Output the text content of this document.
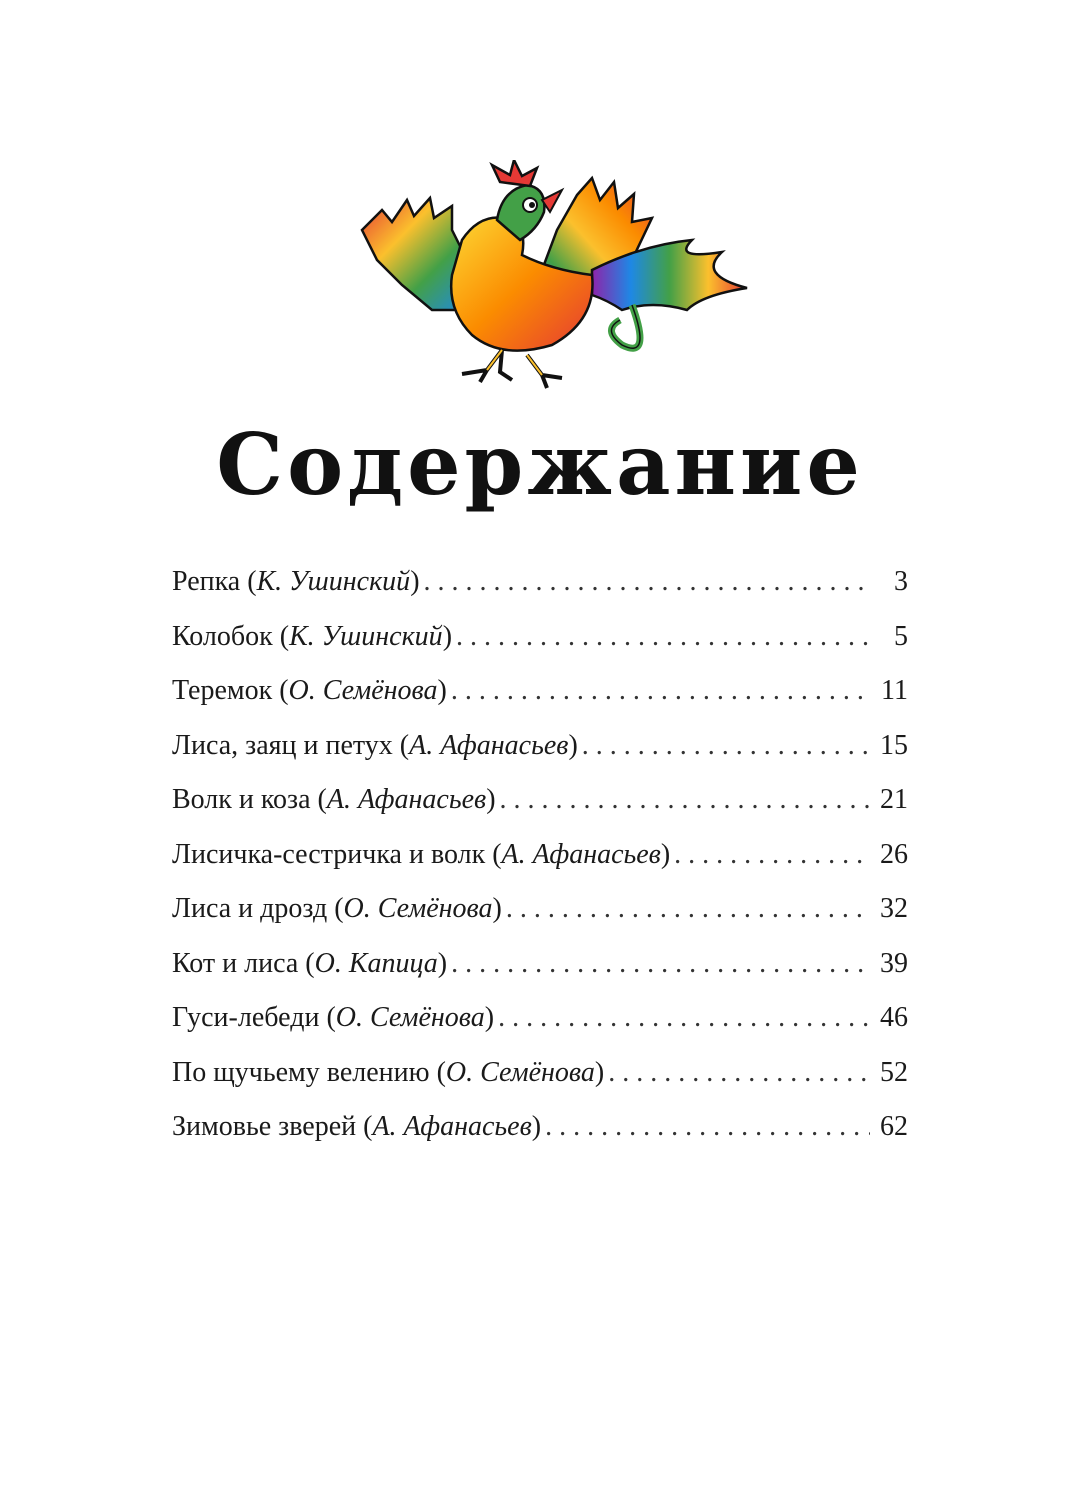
Содержание
Репка (К. Ушинский) . . .	3
Колобок (К. Ушинский) . . .	5
Теремок (О. Семёнова) . . .	11
Лиса, заяц и петух (А. Афанасьев) . . .	15
Волк и коза (А. Афанасьев) . . .	21
Лисичка-сестричка и волк (А. Афанасьев) . . .	26
Лиса и дрозд (О. Семёнова) . . .	32
Кот и лиса (О. Капица) . . .	39
Гуси-лебеди (О. Семёнова) . . .	46
По щучьему велению (О. Семёнова) . . .	52
Зимовье зверей (А. Афанасьев) . . .	62
